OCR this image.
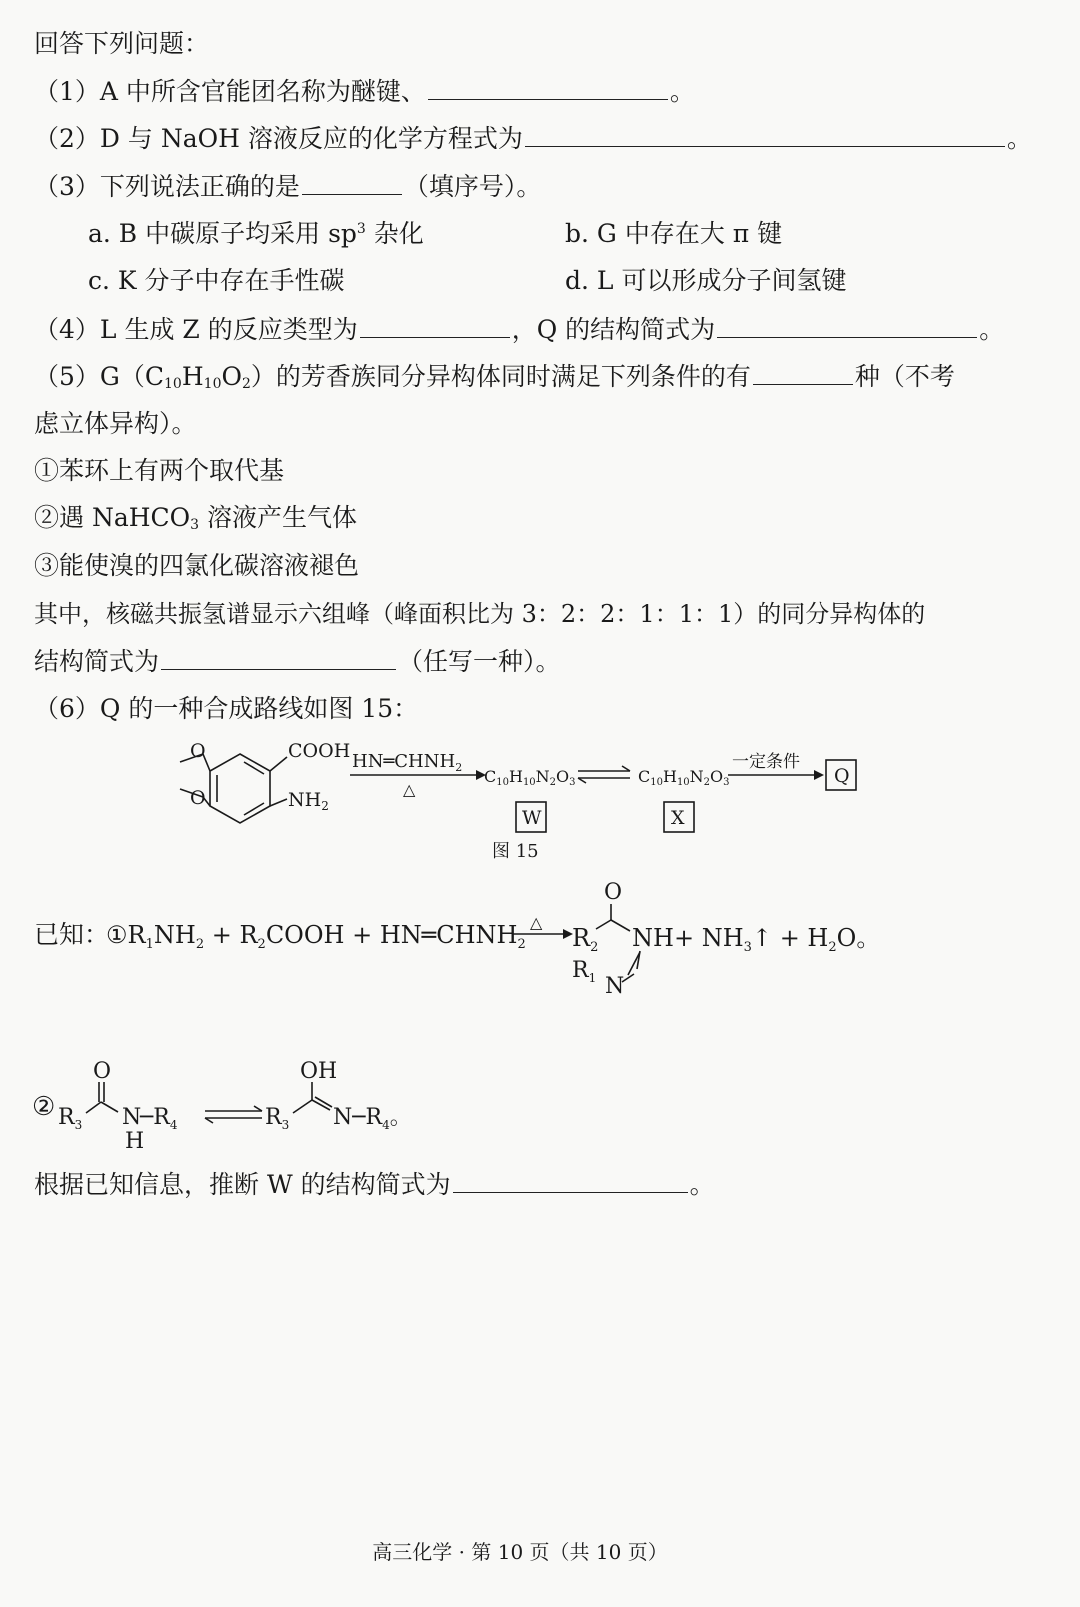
回答下列问题：
（1）A 中所含官能团名称为醚键、	。
（2）D 与 NaOH 溶液反应的化学方程式为	。
（3）下列说法正确的是	（填序号）。
a. B 中碳原子均采用 $sp^3$ 杂化	b. G 中存在大 π 键
c. K 分子中存在手性碳	d. L 可以形成分子间氢键
（4）L 生成 Z 的反应类型为	，Q 的结构简式为	。
$(5)G(C_{10}H_{10}O_2)$的芳香族同分异构体同时满足下列条件的有	种（不考
虑立体异构）。
①苯环上有两个取代基
②遇 NaHCO$_3$ 溶液产生气体
③能使溴的四氯化碳溶液褪色
其中，核磁共振氢谱显示六组峰（峰面积比为 3：2：2：1：1：1）的同分异构体的
结构简式为	（任写一种）。
（6）Q 的一种合成路线如图 15：
O
O
COOH
$NH_2$
$HN═CHNH_2$
△
C10H10N2O3	C10H10N2O3
一定条件
Q
W	X
图 15
已知：
$①R_1NH_2$ + $R_2COOH$ + $HN═CHNH_2$
△
$R_2$
O
NH
$R_1$ N
+ $NH_3↑ + H_2O$。
② $R_3$
O
N
H
$─R_4$	$R_3$
OH
$N─R_4$。
根据已知信息，推断 W 的结构简式为	。
高三化学 · 第 10 页（共 10 页）
